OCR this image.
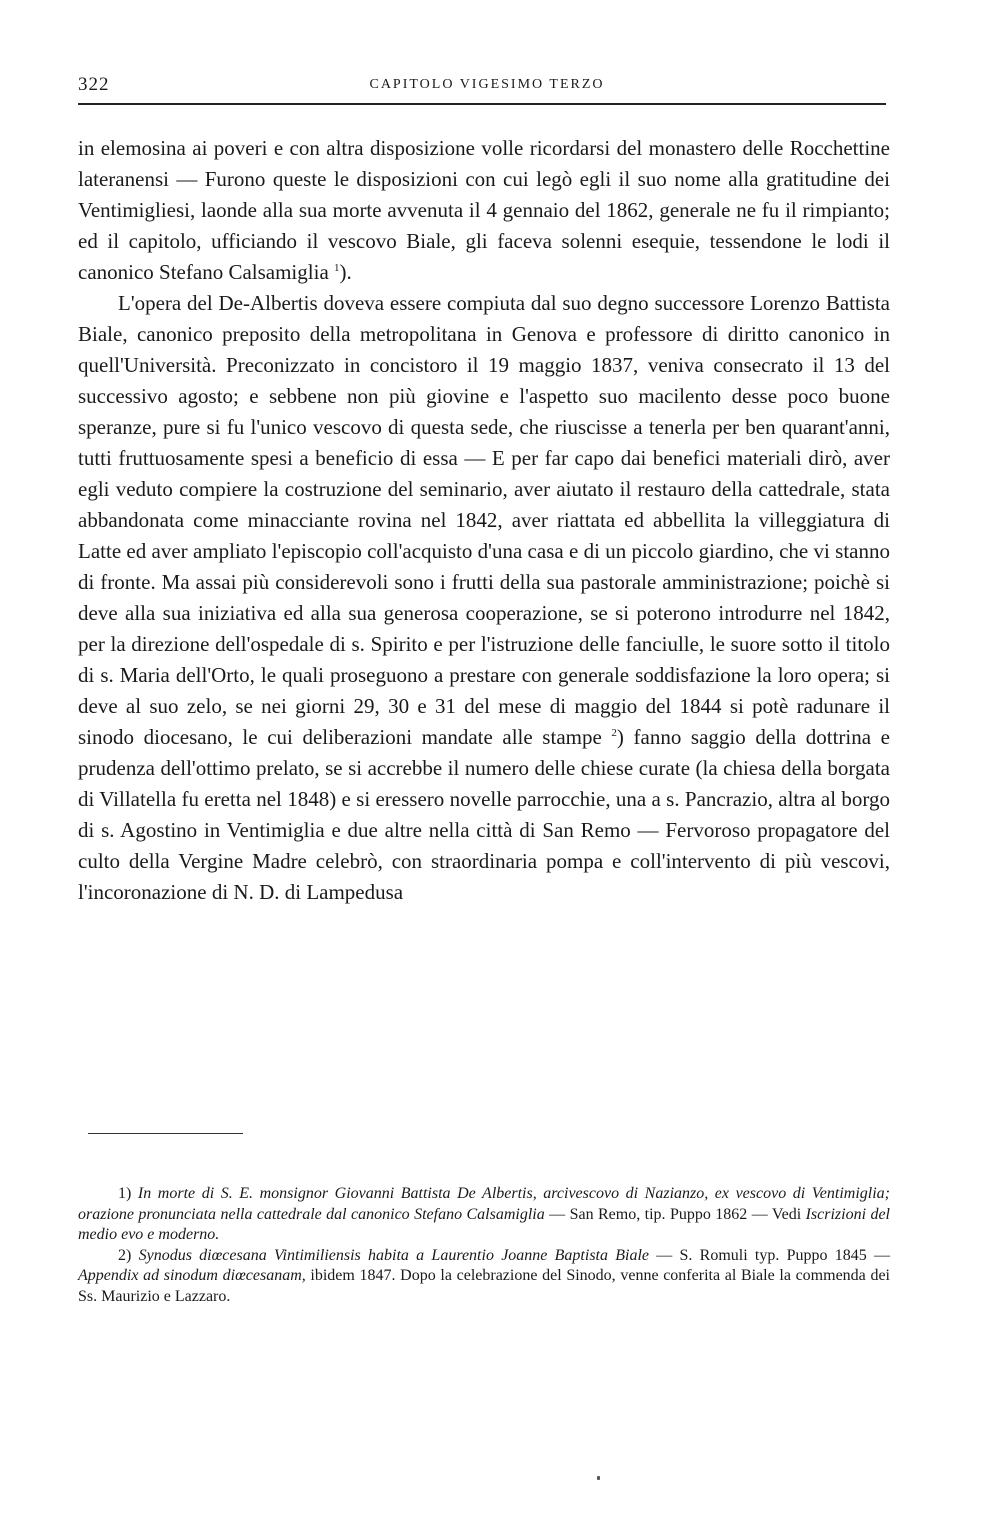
322	CAPITOLO VIGESIMO TERZO

in elemosina ai poveri e con altra disposizione volle ricordarsi del monastero delle Rocchettine lateranensi — Furono queste le disposizioni con cui legò egli il suo nome alla gratitudine dei Ventimigliesi, laonde alla sua morte avvenuta il 4 gennaio del 1862, generale ne fu il rimpianto; ed il capitolo, ufficiando il vescovo Biale, gli faceva solenni esequie, tessendone le lodi il canonico Stefano Calsamiglia $^1$).

L'opera del De-Albertis doveva essere compiuta dal suo degno successore Lorenzo Battista Biale, canonico preposito della metropolitana in Genova e professore di diritto canonico in quell'Università. Preconizzato in concistoro il 19 maggio 1837, veniva consecrato il 13 del successivo agosto; e sebbene non più giovine e l'aspetto suo macilento desse poco buone speranze, pure si fu l'unico vescovo di questa sede, che riuscisse a tenerla per ben quarant'anni, tutti fruttuosamente spesi a beneficio di essa — E per far capo dai benefici materiali dirò, aver egli veduto compiere la costruzione del seminario, aver aiutato il restauro della cattedrale, stata abbandonata come minacciante rovina nel 1842, aver riattata ed abbellita la villeggiatura di Latte ed aver ampliato l'episcopio coll'acquisto d'una casa e di un piccolo giardino, che vi stanno di fronte. Ma assai più considerevoli sono i frutti della sua pastorale amministrazione; poichè si deve alla sua iniziativa ed alla sua generosa cooperazione, se si poterono introdurre nel 1842, per la direzione dell'ospedale di s. Spirito e per l'istruzione delle fanciulle, le suore sotto il titolo di s. Maria dell'Orto, le quali proseguono a prestare con generale soddisfazione la loro opera; si deve al suo zelo, se nei giorni 29, 30 e 31 del mese di maggio del 1844 si potè radunare il sinodo diocesano, le cui deliberazioni mandate alle stampe $^2$) fanno saggio della dottrina e prudenza dell'ottimo prelato, se si accrebbe il numero delle chiese curate (la chiesa della borgata di Villatella fu eretta nel 1848) e si eressero novelle parrocchie, una a s. Pancrazio, altra al borgo di s. Agostino in Ventimiglia e due altre nella città di San Remo — Fervoroso propagatore del culto della Vergine Madre celebrò, con straordinaria pompa e coll'intervento di più vescovi, l'incoronazione di N. D. di Lampedusa

1) In morte di S. E. monsignor Giovanni Battista De Albertis, arcivescovo di Nazianzo, ex vescovo di Ventimiglia; orazione pronunciata nella cattedrale dal canonico Stefano Calsamiglia — San Remo, tip. Puppo 1862 — Vedi Iscrizioni del medio evo e moderno.

2) Synodus diœcesana Vintimiliensis habita a Laurentio Joanne Baptista Biale — S. Romuli typ. Puppo 1845 — Appendix ad sinodum diœcesanam, ibidem 1847. Dopo la celebrazione del Sinodo, venne conferita al Biale la commenda dei Ss. Maurizio e Lazzaro.
